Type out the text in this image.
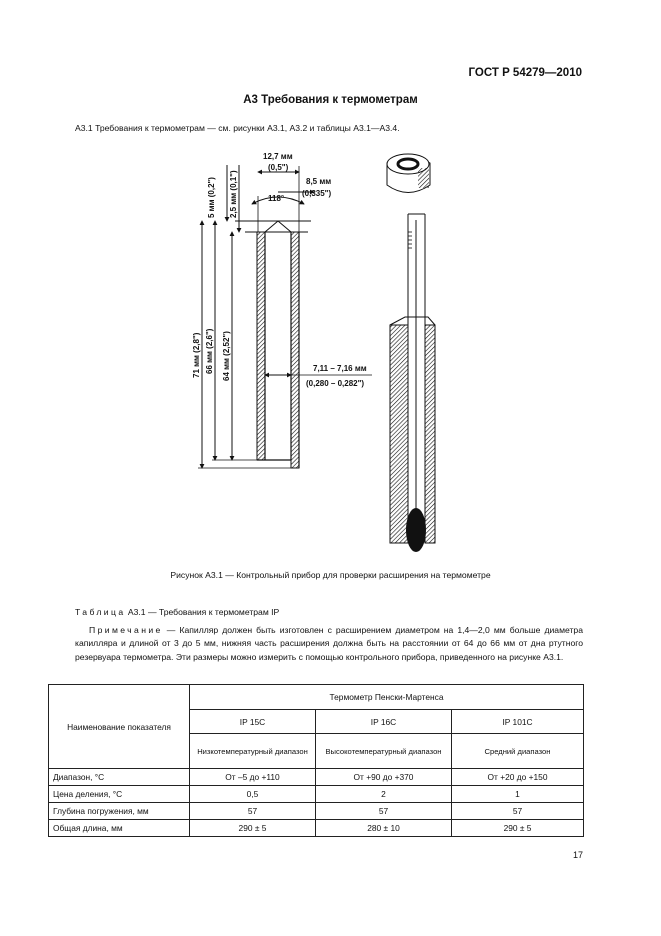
ГОСТ Р 54279—2010
А3 Требования к термометрам
А3.1 Требования к термометрам — см. рисунки А3.1, А3.2 и таблицы А3.1—А3.4.
12,7 мм
(0,5")
8,5 мм
(0,335")
118°
7,11 – 7,16 мм
(0,280 – 0,282")
5 мм (0,2") 2,5 мм (0,1")
71 мм (2,8") 66 мм (2,6") 64 мм (2,52")
Рисунок А3.1 — Контрольный прибор для проверки расширения на термометре
Таблица А3.1 — Требования к термометрам IP
Примечание — Капилляр должен быть изготовлен с расширением диаметром на 1,4—2,0 мм больше диаметра капилляра и длиной от 3 до 5 мм, нижняя часть расширения должна быть на расстоянии от 64 до 66 мм от дна ртутного резервуара термометра. Эти размеры можно измерить с помощью контрольного прибора, приведенного на рисунке А3.1.
Наименование показателя	Термометр Пенски-Мартенса		
	IP 15C	IP 16C	IP 101C
	Низкотемпературный диапазон	Высокотемпературный диапазон	Средний диапазон
Диапазон, °C	От –5 до +110	От +90 до +370	От +20 до +150
Цена деления, °C	0,5	2	1
Глубина погружения, мм	57	57	57
Общая длина, мм	290 ± 5	280 ± 10	290 ± 5
17
